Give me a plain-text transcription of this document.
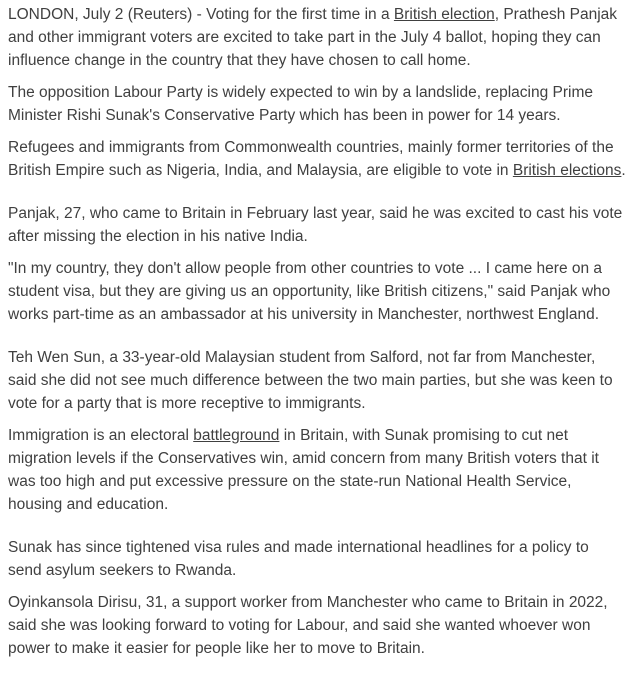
LONDON, July 2 (Reuters) - Voting for the first time in a British election, Prathesh Panjak and other immigrant voters are excited to take part in the July 4 ballot, hoping they can influence change in the country that they have chosen to call home.

The opposition Labour Party is widely expected to win by a landslide, replacing Prime Minister Rishi Sunak's Conservative Party which has been in power for 14 years.

Refugees and immigrants from Commonwealth countries, mainly former territories of the British Empire such as Nigeria, India, and Malaysia, are eligible to vote in British elections.

Panjak, 27, who came to Britain in February last year, said he was excited to cast his vote after missing the election in his native India.

"In my country, they don't allow people from other countries to vote ... I came here on a student visa, but they are giving us an opportunity, like British citizens," said Panjak who works part-time as an ambassador at his university in Manchester, northwest England.

Teh Wen Sun, a 33-year-old Malaysian student from Salford, not far from Manchester, said she did not see much difference between the two main parties, but she was keen to vote for a party that is more receptive to immigrants.

Immigration is an electoral battleground in Britain, with Sunak promising to cut net migration levels if the Conservatives win, amid concern from many British voters that it was too high and put excessive pressure on the state-run National Health Service, housing and education.

Sunak has since tightened visa rules and made international headlines for a policy to send asylum seekers to Rwanda.

Oyinkansola Dirisu, 31, a support worker from Manchester who came to Britain in 2022, said she was looking forward to voting for Labour, and said she wanted whoever won power to make it easier for people like her to move to Britain.
